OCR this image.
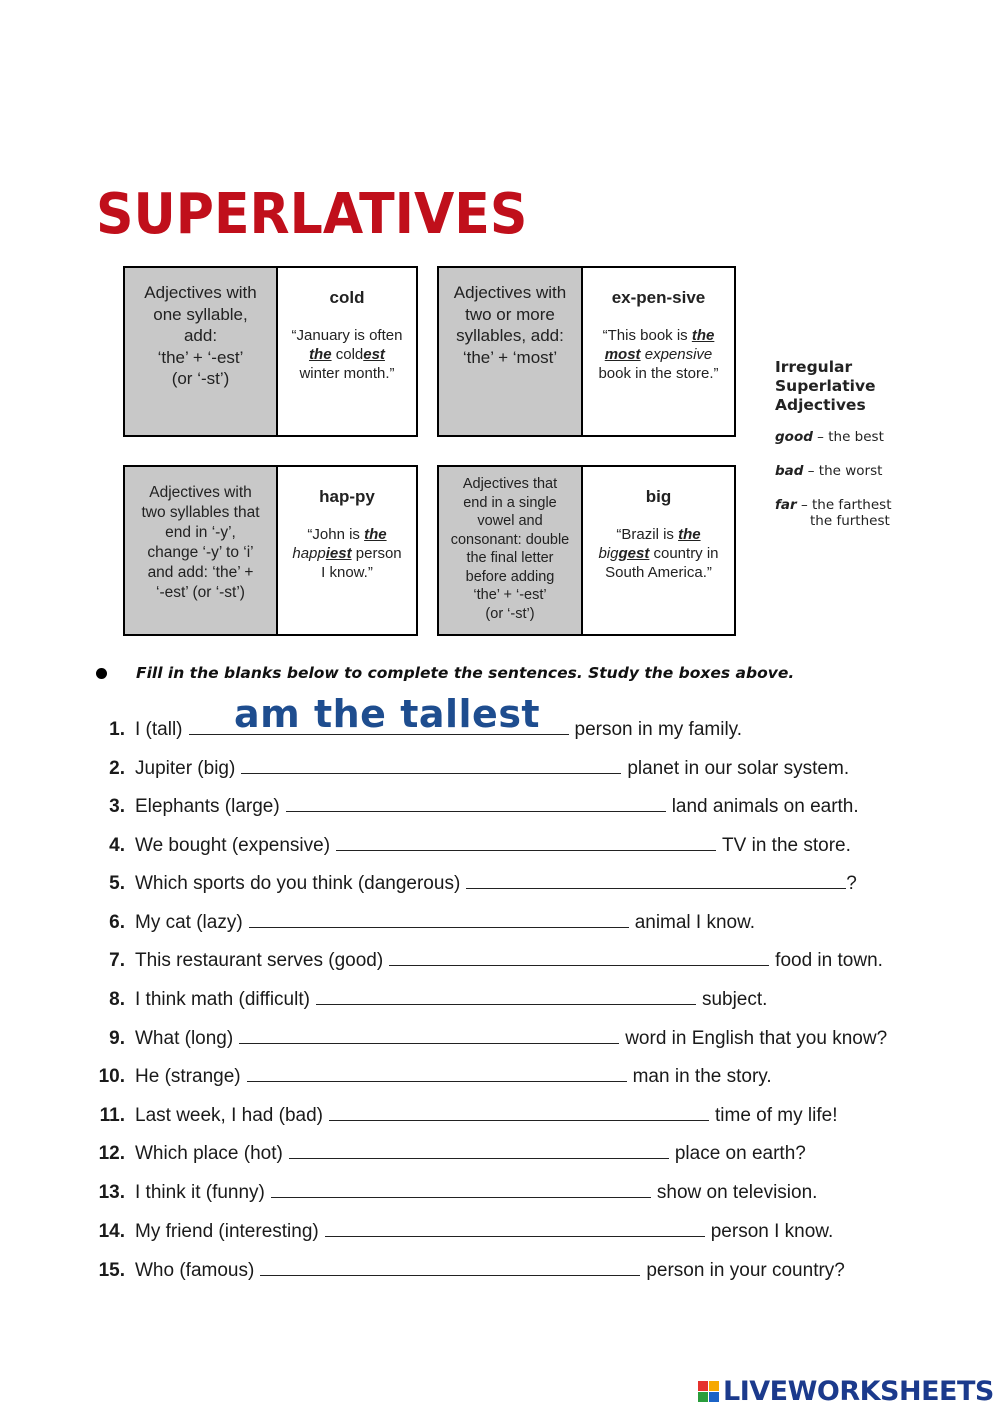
SUPERLATIVES
Adjectives with
one syllable,
add:
‘the’ + ‘-est’
(or ‘-st’)
cold
“January is often
the coldest
winter month.”
Adjectives with
two or more
syllables, add:
‘the’ + ‘most’
ex-pen-sive
“This book is the
most expensive
book in the store.”
Adjectives with
two syllables that
end in ‘-y’,
change ‘-y’ to ‘i’
and add: ‘the’ +
‘-est’ (or ‘-st’)
hap-py
“John is the
happiest person
I know.”
Adjectives that
end in a single
vowel and
consonant: double
the final letter
before adding
‘the’ + ‘-est’
(or ‘-st’)
big
“Brazil is the
biggest country in
South America.”
Irregular
Superlative
Adjectives
good – the best
bad – the worst
far – the farthest
the furthest
Fill in the blanks below to complete the sentences. Study the boxes above.
1. I (tall)	person in my family.
2. Jupiter (big)	planet in our solar system.
3. Elephants (large)	land animals on earth.
4. We bought (expensive)	TV in the store.
5. Which sports do you think (dangerous)	?
6. My cat (lazy)	animal I know.
7. This restaurant serves (good)	food in town.
8. I think math (difficult)	subject.
9. What (long)	word in English that you know?
10. He (strange)	man in the story.
11. Last week, I had (bad)	time of my life!
12. Which place (hot)	place on earth?
13. I think it (funny)	show on television.
14. My friend (interesting)	person I know.
15. Who (famous)	person in your country?
am the tallest
LIVEWORKSHEETS
